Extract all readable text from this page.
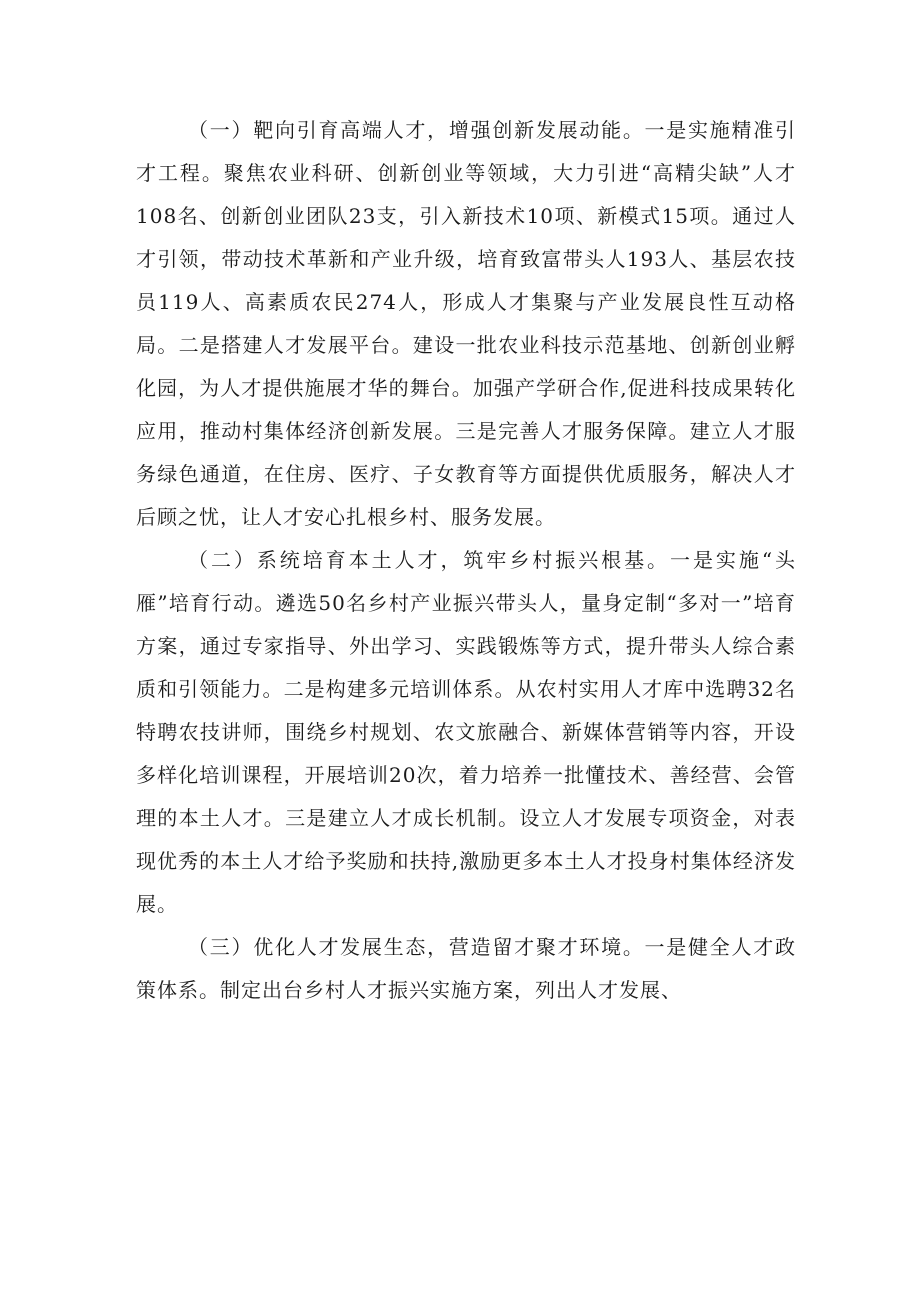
（一）靶向引育高端人才，增强创新发展动能。一是实施精准引才工程。聚焦农业科研、创新创业等领域，大力引进“高精尖缺”人才108名、创新创业团队23支，引入新技术10项、新模式15项。通过人才引领，带动技术革新和产业升级，培育致富带头人193人、基层农技员119人、高素质农民274人，形成人才集聚与产业发展良性互动格局。二是搭建人才发展平台。建设一批农业科技示范基地、创新创业孵化园，为人才提供施展才华的舞台。加强产学研合作,促进科技成果转化应用，推动村集体经济创新发展。三是完善人才服务保障。建立人才服务绿色通道，在住房、医疗、子女教育等方面提供优质服务，解决人才后顾之忧，让人才安心扎根乡村、服务发展。

（二）系统培育本土人才，筑牢乡村振兴根基。一是实施“头雁”培育行动。遴选50名乡村产业振兴带头人，量身定制“多对一”培育方案，通过专家指导、外出学习、实践锻炼等方式，提升带头人综合素质和引领能力。二是构建多元培训体系。从农村实用人才库中选聘32名特聘农技讲师，围绕乡村规划、农文旅融合、新媒体营销等内容，开设多样化培训课程，开展培训20次，着力培养一批懂技术、善经营、会管理的本土人才。三是建立人才成长机制。设立人才发展专项资金，对表现优秀的本土人才给予奖励和扶持,激励更多本土人才投身村集体经济发展。

（三）优化人才发展生态，营造留才聚才环境。一是健全人才政策体系。制定出台乡村人才振兴实施方案，列出人才发展、
